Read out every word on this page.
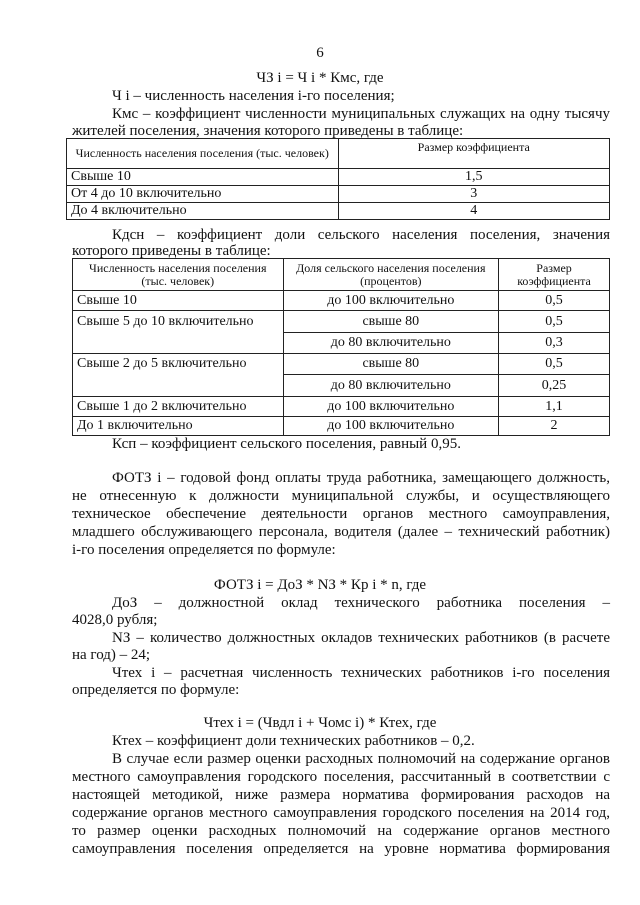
6
ЧЗ i = Ч i * Кмс, где
Ч i – численность населения i-го поселения;
Кмс – коэффициент численности муниципальных служащих на одну тысячу
жителей поселения, значения которого приведены в таблице:
Численность населения поселения (тыс. человек)	Размер коэффициента
Свыше 10	1,5
От 4 до 10 включительно	3
До 4 включительно	4
Кдсн – коэффициент доли сельского населения поселения, значения
которого приведены в таблице:
Численность населения поселения (тыс. человек)	Доля сельского населения поселения (процентов)	Размер коэффициента
Свыше 10	до 100 включительно	0,5
Свыше 5 до 10 включительно	свыше 80	0,5
	до 80 включительно	0,3
Свыше 2 до 5 включительно	свыше 80	0,5
	до 80 включительно	0,25
Свыше 1 до 2 включительно	до 100 включительно	1,1
До 1 включительно	до 100 включительно	2
Ксп – коэффициент сельского поселения, равный 0,95.
ФОТЗ i – годовой фонд оплаты труда работника, замещающего должность,
не отнесенную к должности муниципальной службы, и осуществляющего
техническое обеспечение деятельности органов местного самоуправления,
младшего обслуживающего персонала, водителя (далее – технический работник)
i-го поселения определяется по формуле:
ФОТЗ i = ДоЗ * NЗ * Кр i * n, где
ДоЗ – должностной оклад технического работника поселения –
4028,0 рубля;
NЗ – количество должностных окладов технических работников (в расчете
на год) – 24;
Чтех i – расчетная численность технических работников i-го поселения
определяется по формуле:
Чтех i = (Чвдл i + Чомс i) * Ктех, где
Ктех – коэффициент доли технических работников – 0,2.
В случае если размер оценки расходных полномочий на содержание органов
местного самоуправления городского поселения, рассчитанный в соответствии с
настоящей методикой, ниже размера норматива формирования расходов на
содержание органов местного самоуправления городского поселения на 2014 год,
то размер оценки расходных полномочий на содержание органов местного
самоуправления поселения определяется на уровне норматива формирования
